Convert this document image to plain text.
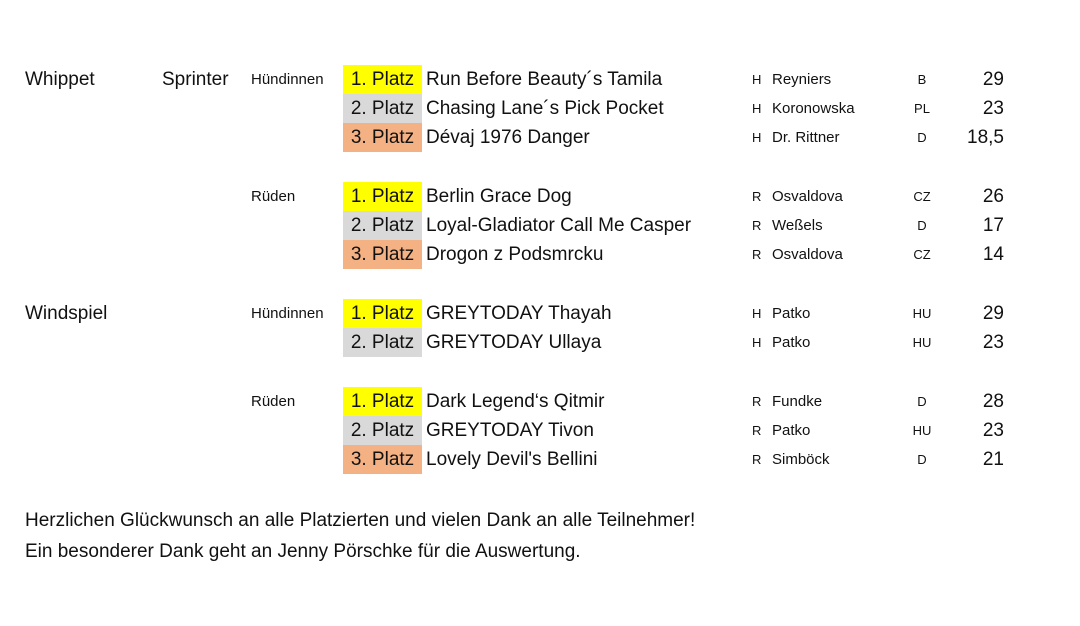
Whippet	Sprinter Hündinnen	1. Platz Run Before Beauty´s Tamila	H Reyniers	B	29
2. Platz Chasing Lane´s Pick Pocket	H Koronowska	PL	23
3. Platz Dévaj 1976 Danger	H Dr. Rittner	D	18,5
Rüden	1. Platz Berlin Grace Dog	R Osvaldova	CZ	26
2. Platz Loyal-Gladiator Call Me Casper	R Weßels	D	17
3. Platz Drogon z Podsmrcku	R Osvaldova	CZ	14
Windspiel	Hündinnen	1. Platz GREYTODAY Thayah	H Patko	HU	29
2. Platz GREYTODAY Ullaya	H Patko	HU	23
Rüden	1. Platz Dark Legend‘s Qitmir	R Fundke	D	28
2. Platz GREYTODAY Tivon	R Patko	HU	23
3. Platz Lovely Devil's Bellini	R Simböck	D	21
Herzlichen Glückwunsch an alle Platzierten und vielen Dank an alle Teilnehmer!
Ein besonderer Dank geht an Jenny Pörschke für die Auswertung.
